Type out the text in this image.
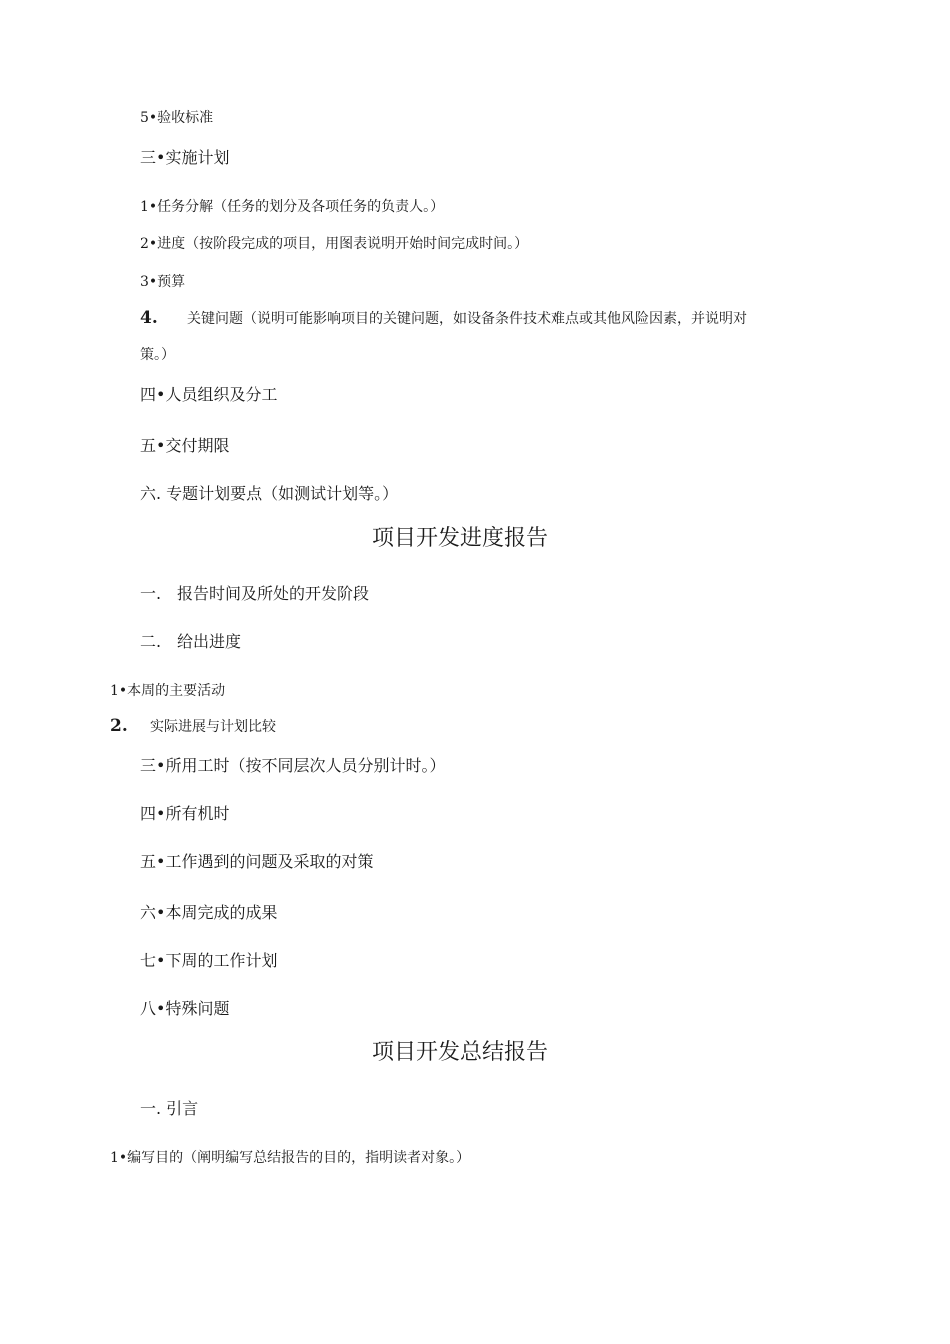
5•验收标准
三•实施计划
1•任务分解（任务的划分及各项任务的负责人。）
2•进度（按阶段完成的项目，用图表说明开始时间完成时间。）
3•预算
4. 关键问题（说明可能影响项目的关键问题，如设备条件技术难点或其他风险因素，并说明对
策。）
四•人员组织及分工
五•交付期限
六. 专题计划要点（如测试计划等。）
项目开发进度报告
一. 报告时间及所处的开发阶段
二. 给出进度
1•本周的主要活动
2. 实际进展与计划比较
三•所用工时（按不同层次人员分别计时。）
四•所有机时
五•工作遇到的问题及采取的对策
六•本周完成的成果
七•下周的工作计划
八•特殊问题
项目开发总结报告
一. 引言
1•编写目的（阐明编写总结报告的目的，指明读者对象。）
